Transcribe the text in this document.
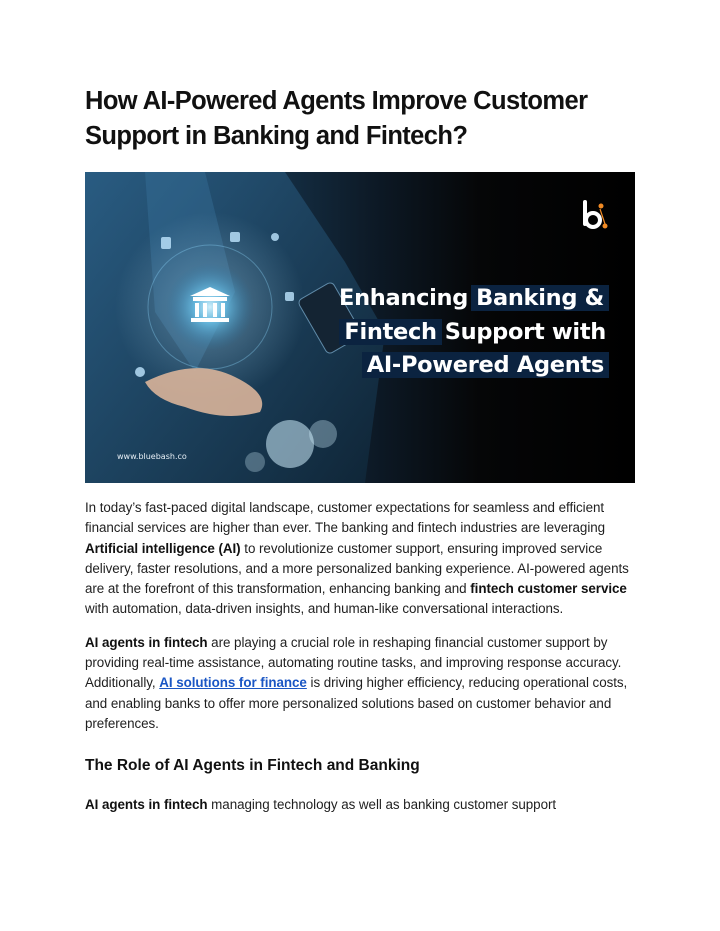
How AI-Powered Agents Improve Customer Support in Banking and Fintech?
Enhancing Banking &
Fintech Support with
AI-Powered Agents
www.bluebash.co

In today’s fast-paced digital landscape, customer expectations for seamless and efficient financial services are higher than ever. The banking and fintech industries are leveraging Artificial intelligence (AI) to revolutionize customer support, ensuring improved service delivery, faster resolutions, and a more personalized banking experience. AI-powered agents are at the forefront of this transformation, enhancing banking and fintech customer service with automation, data-driven insights, and human-like conversational interactions.

AI agents in fintech are playing a crucial role in reshaping financial customer support by providing real-time assistance, automating routine tasks, and improving response accuracy. Additionally, AI solutions for finance is driving higher efficiency, reducing operational costs, and enabling banks to offer more personalized solutions based on customer behavior and preferences.

The Role of AI Agents in Fintech and Banking

AI agents in fintech managing technology as well as banking customer support
